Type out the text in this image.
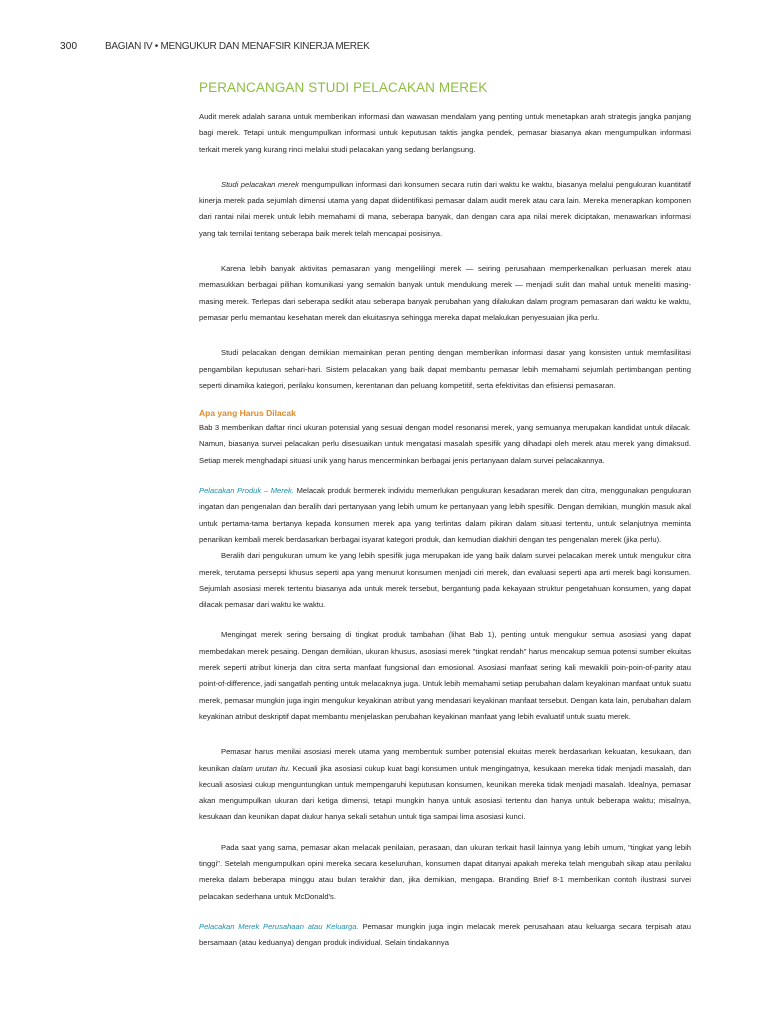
300	BAGIAN IV • MENGUKUR DAN MENAFSIR KINERJA MEREK
PERANCANGAN STUDI PELACAKAN MEREK

Audit merek adalah sarana untuk memberikan informasi dan wawasan mendalam yang penting untuk menetapkan arah strategis jangka panjang bagi merek. Tetapi untuk mengumpulkan informasi untuk keputusan taktis jangka pendek, pemasar biasanya akan mengumpulkan informasi terkait merek yang kurang rinci melalui studi pelacakan yang sedang berlangsung.

Studi pelacakan merek mengumpulkan informasi dari konsumen secara rutin dari waktu ke waktu, biasanya melalui pengukuran kuantitatif kinerja merek pada sejumlah dimensi utama yang dapat diidentifikasi pemasar dalam audit merek atau cara lain. Mereka menerapkan komponen dari rantai nilai merek untuk lebih memahami di mana, seberapa banyak, dan dengan cara apa nilai merek diciptakan, menawarkan informasi yang tak ternilai tentang seberapa baik merek telah mencapai posisinya.

Karena lebih banyak aktivitas pemasaran yang mengelilingi merek — seiring perusahaan memperkenalkan perluasan merek atau memasukkan berbagai pilihan komunikasi yang semakin banyak untuk mendukung merek — menjadi sulit dan mahal untuk meneliti masing-masing merek. Terlepas dari seberapa sedikit atau seberapa banyak perubahan yang dilakukan dalam program pemasaran dari waktu ke waktu, pemasar perlu memantau kesehatan merek dan ekuitasnya sehingga mereka dapat melakukan penyesuaian jika perlu.

Studi pelacakan dengan demikian memainkan peran penting dengan memberikan informasi dasar yang konsisten untuk memfasilitasi pengambilan keputusan sehari-hari. Sistem pelacakan yang baik dapat membantu pemasar lebih memahami sejumlah pertimbangan penting seperti dinamika kategori, perilaku konsumen, kerentanan dan peluang kompetitif, serta efektivitas dan efisiensi pemasaran.

Apa yang Harus Dilacak

Bab 3 memberikan daftar rinci ukuran potensial yang sesuai dengan model resonansi merek, yang semuanya merupakan kandidat untuk dilacak. Namun, biasanya survei pelacakan perlu disesuaikan untuk mengatasi masalah spesifik yang dihadapi oleh merek atau merek yang dimaksud. Setiap merek menghadapi situasi unik yang harus mencerminkan berbagai jenis pertanyaan dalam survei pelacakannya.

Pelacakan Produk – Merek. Melacak produk bermerek individu memerlukan pengukuran kesadaran merek dan citra, menggunakan pengukuran ingatan dan pengenalan dan beralih dari pertanyaan yang lebih umum ke pertanyaan yang lebih spesifik. Dengan demikian, mungkin masuk akal untuk pertama-tama bertanya kepada konsumen merek apa yang terlintas dalam pikiran dalam situasi tertentu, untuk selanjutnya meminta penarikan kembali merek berdasarkan berbagai isyarat kategori produk, dan kemudian diakhiri dengan tes pengenalan merek (jika perlu).

Beralih dari pengukuran umum ke yang lebih spesifik juga merupakan ide yang baik dalam survei pelacakan merek untuk mengukur citra merek, terutama persepsi khusus seperti apa yang menurut konsumen menjadi ciri merek, dan evaluasi seperti apa arti merek bagi konsumen. Sejumlah asosiasi merek tertentu biasanya ada untuk merek tersebut, bergantung pada kekayaan struktur pengetahuan konsumen, yang dapat dilacak pemasar dari waktu ke waktu.

Mengingat merek sering bersaing di tingkat produk tambahan (lihat Bab 1), penting untuk mengukur semua asosiasi yang dapat membedakan merek pesaing. Dengan demikian, ukuran khusus, asosiasi merek "tingkat rendah" harus mencakup semua potensi sumber ekuitas merek seperti atribut kinerja dan citra serta manfaat fungsional dan emosional. Asosiasi manfaat sering kali mewakili poin-poin-of-parity atau point-of-difference, jadi sangatlah penting untuk melacaknya juga. Untuk lebih memahami setiap perubahan dalam keyakinan manfaat untuk suatu merek, pemasar mungkin juga ingin mengukur keyakinan atribut yang mendasari keyakinan manfaat tersebut. Dengan kata lain, perubahan dalam keyakinan atribut deskriptif dapat membantu menjelaskan perubahan keyakinan manfaat yang lebih evaluatif untuk suatu merek.

Pemasar harus menilai asosiasi merek utama yang membentuk sumber potensial ekuitas merek berdasarkan kekuatan, kesukaan, dan keunikan dalam urutan itu. Kecuali jika asosiasi cukup kuat bagi konsumen untuk mengingatnya, kesukaan mereka tidak menjadi masalah, dan kecuali asosiasi cukup menguntungkan untuk mempengaruhi keputusan konsumen, keunikan mereka tidak menjadi masalah. Idealnya, pemasar akan mengumpulkan ukuran dari ketiga dimensi, tetapi mungkin hanya untuk asosiasi tertentu dan hanya untuk beberapa waktu; misalnya, kesukaan dan keunikan dapat diukur hanya sekali setahun untuk tiga sampai lima asosiasi kunci.

Pada saat yang sama, pemasar akan melacak penilaian, perasaan, dan ukuran terkait hasil lainnya yang lebih umum, "tingkat yang lebih tinggi". Setelah mengumpulkan opini mereka secara keseluruhan, konsumen dapat ditanyai apakah mereka telah mengubah sikap atau perilaku mereka dalam beberapa minggu atau bulan terakhir dan, jika demikian, mengapa. Branding Brief 8-1 memberikan contoh ilustrasi survei pelacakan sederhana untuk McDonald's.

Pelacakan Merek Perusahaan atau Keluarga. Pemasar mungkin juga ingin melacak merek perusahaan atau keluarga secara terpisah atau bersamaan (atau keduanya) dengan produk individual. Selain tindakannya
